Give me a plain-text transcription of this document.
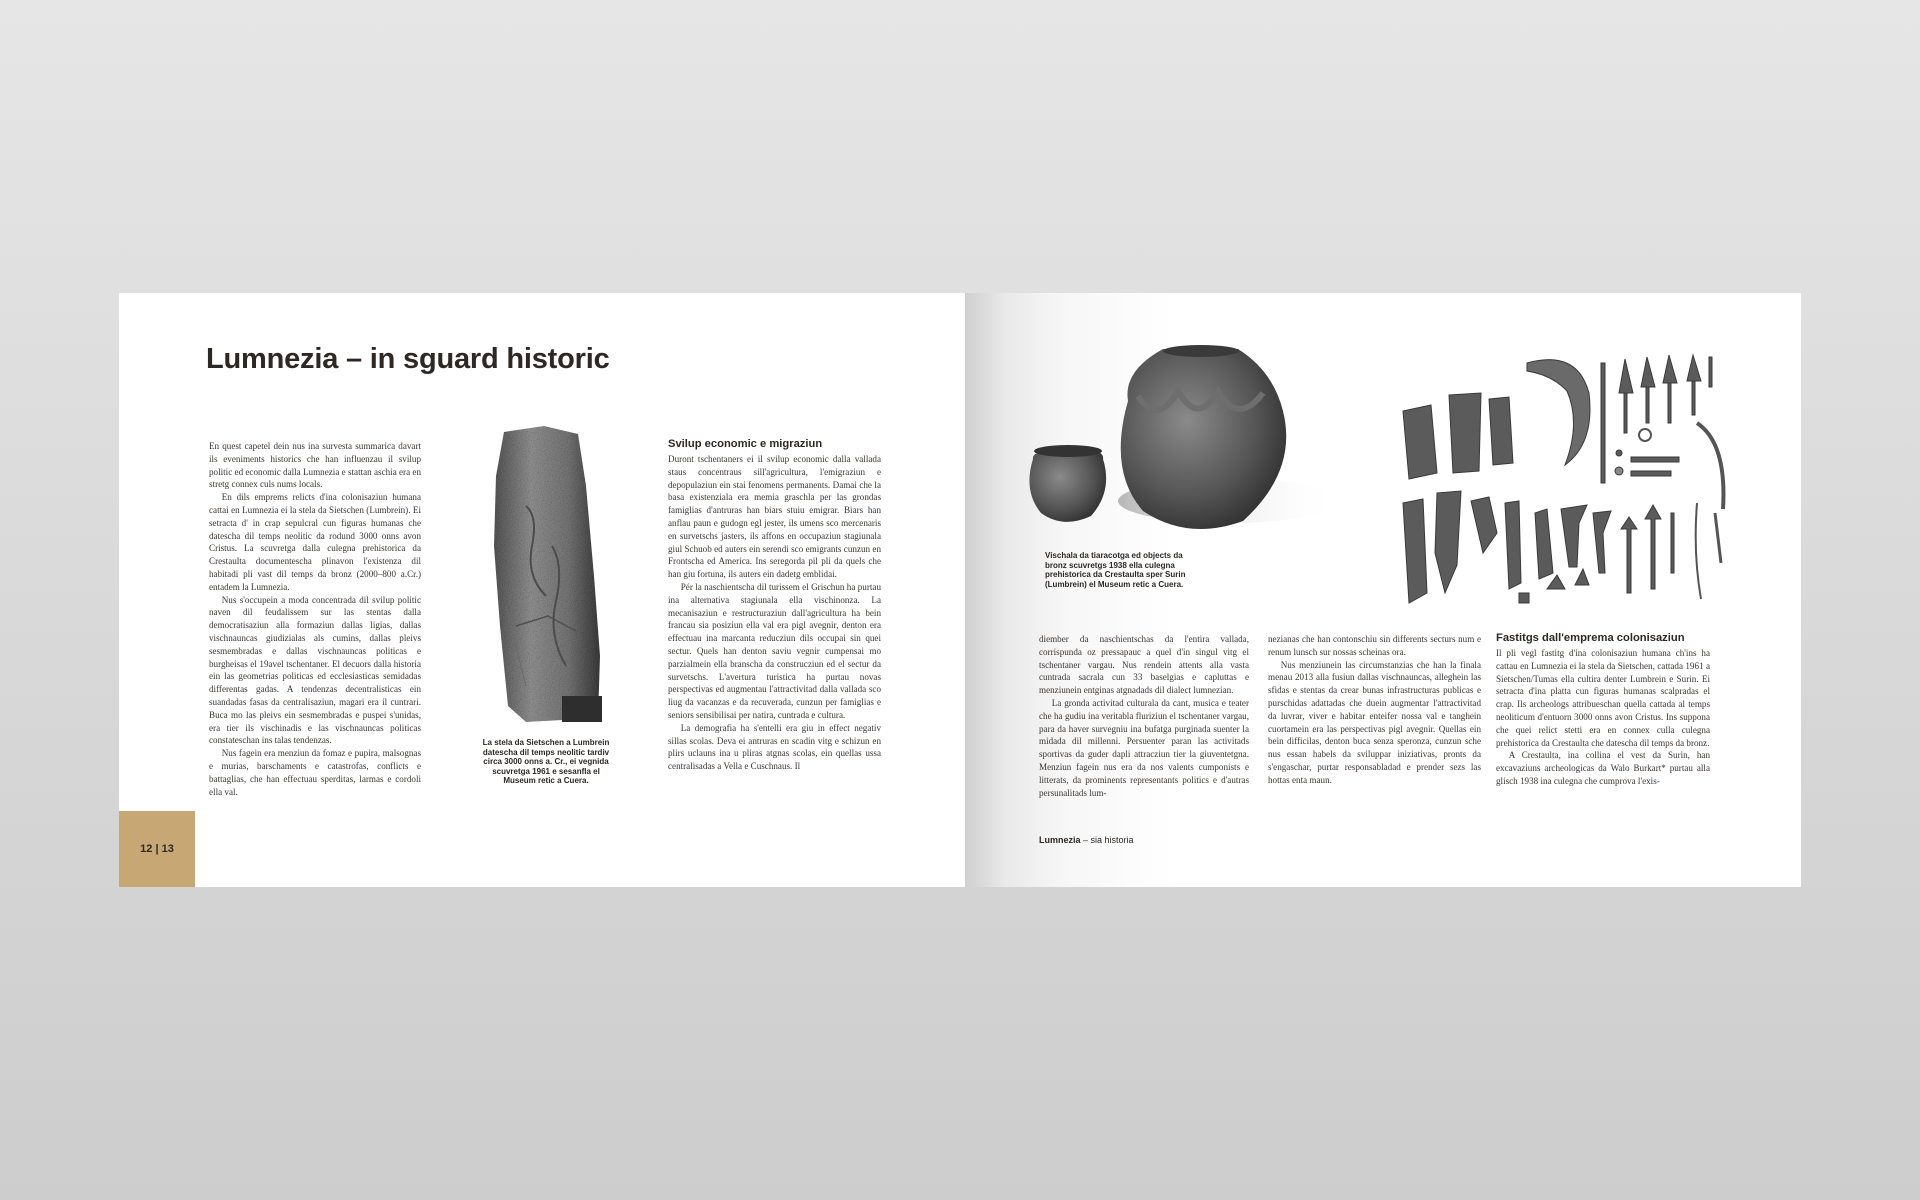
Lumnezia – in sguard historic

En quest capetel dein nus ina survesta summarica davart ils eveniments historics che han influenzau il svilup politic ed economic dalla Lumnezia e stattan aschia era en stretg connex culs nums locals.

En dils emprems relicts d'ina colonisaziun humana cattai en Lumnezia ei la stela da Sietschen (Lumbrein). Ei setracta d' in crap sepulcral cun figuras humanas che datescha dil temps neolitic da rodund 3000 onns avon Cristus. La scuvretga dalla culegna prehistorica da Crestaulta documentescha plinavon l'existenza dil habitadi pli vast dil temps da bronz (2000–800 a.Cr.) entadem la Lumnezia.

Nus s'occupein a moda concentrada dil svilup politic naven dil feudalissem sur las stentas dalla democratisaziun alla formaziun dallas ligias, dallas vischnauncas giudizialas als cumins, dallas pleivs sesmembradas e dallas vischnauncas politicas e burgheisas el 19avel tschentaner. El decuors dalla historia ein las geometrias politicas ed ecclesiasticas semidadas differentas gadas. A tendenzas decentralisticas ein suandadas fasas da centralisaziun, magari era il cuntrari. Buca mo las pleivs ein sesmembradas e puspei s'unidas, era tier ils vischinadis e las vischnauncas politicas constateschan ins talas tendenzas.

Nus fagein era menziun da fomaz e pupira, malsognas e murias, barschaments e catastrofas, conflicts e battaglias, che han effectuau sperditas, larmas e cordoli ella val.

La stela da Sietschen a Lumbrein datescha dil temps neolitic tardiv circa 3000 onns a. Cr., ei vegnida scuvretga 1961 e sesanfla el Museum retic a Cuera.
Svilup economic e migraziun

Duront tschentaners ei il svilup economic dalla vallada staus concentraus sill'agricultura, l'emigraziun e depopulaziun ein stai fenomens permanents. Damai che la basa existenziala era memia graschla per las grondas famiglias d'antruras han biars stuiu emigrar. Biars han anflau paun e gudogn egl jester, ils umens sco mercenaris en survetschs jasters, ils affons en occupaziun stagiunala giul Schuob ed auters ein serendi sco emigrants cunzun en Frontscha ed America. Ins seregorda pil pli da quels che han giu fortuna, ils auters ein dadetg emblidai.

Pér la naschientscha dil turissem el Grischun ha purtau ina alternativa stagiunala ella vischinonza. La mecanisaziun e restructuraziun dall'agricultura ha bein francau sia posiziun ella val era pigl avegnir, denton era effectuau ina marcanta reducziun dils occupai sin quei sectur. Quels han denton saviu vegnir cumpensai mo parzialmein ella branscha da construcziun ed el sectur da survetschs. L'avertura turistica ha purtau novas perspectivas ed augmentau l'attractivitad dalla vallada sco liug da vacanzas e da recuverada, cunzun per famiglias e seniors sensibilisai per natira, cuntrada e cultura.

La demografia ha s'entelli era giu in effect negativ sillas scolas. Deva ei antruras en scadin vitg e schizun en plirs uclauns ina u pliras atgnas scolas, ein quellas ussa centralisadas a Vella e Cuschnaus. Il

12 | 13
Vischala da tiaracotga ed objects da bronz scuvretgs 1938 ella culegna prehistorica da Crestaulta sper Surin (Lumbrein) el Museum retic a Cuera.

diember da naschientschas da l'entira vallada, corrispunda oz pressapauc a quel d'in singul vitg el tschentaner vargau. Nus rendein attents alla vasta cuntrada sacrala cun 33 baselgias e capluttas e menziunein entginas atgnadads dil dialect lumnezian.

La gronda activitad culturala da cant, musica e teater che ha gudiu ina veritabla fluriziun el tschentaner vargau, para da haver survegniu ina bufatga purginada suenter la midada dil millenni. Persuenter paran las activitads sportivas da guder dapli attracziun tier la giuventetgna. Menziun fagein nus era da nos valents cumponists e litterats, da prominents representants politics e d'autras persunalitads lum-

nezianas che han contonschiu sin differents secturs num e renum lunsch sur nossas scheinas ora.

Nus menziunein las circumstanzias che han la finala menau 2013 alla fusiun dallas vischnauncas, alleghein las sfidas e stentas da crear bunas infrastructuras publicas e purschidas adattadas che duein augmentar l'attractivitad da luvrar, viver e habitar enteifer nossa val e tanghein cuortamein era las perspectivas pigl avegnir. Quellas ein bein difficilas, denton buca senza speronza, cunzun sche nus essan habels da sviluppar iniziativas, pronts da s'engaschar, purtar responsabladad e prender sezs las hottas enta maun.

Fastitgs dall'emprema colonisaziun

Il pli vegl fastitg d'ina colonisaziun humana ch'ins ha cattau en Lumnezia ei la stela da Sietschen, cattada 1961 a Sietschen/Tumas ella cultira denter Lumbrein e Surin. Ei setracta d'ina platta cun figuras humanas scalpradas el crap. Ils archeologs attribueschan quella cattada al temps neoliticum d'entuorn 3000 onns avon Cristus. Ins suppona che quei relict stetti era en connex culla culegna prehistorica da Crestaulta che datescha dil temps da bronz.

A Crestaulta, ina collina el vest da Surin, han excavaziuns archeologicas da Walo Burkart* purtau alla glisch 1938 ina culegna che cumprova l'exis-

Lumnezia – sia historia
